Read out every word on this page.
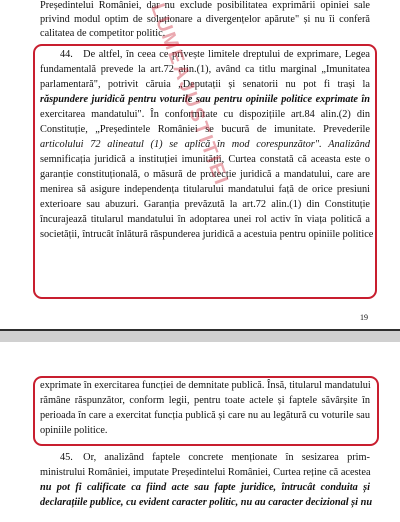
Președintelui României, dar nu exclude posibilitatea exprimării opiniei sale
privind modul optim de soluționare a divergențelor apărute" și nu îi conferă
calitatea de competitor politic.
44. De altfel, în ceea ce privește limitele dreptului de exprimare, Legea
fundamentală prevede la art.72 alin.(1), având ca titlu marginal „Imunitatea
parlamentară", potrivit căruia „Deputații și senatorii nu pot fi trași la
răspundere juridică pentru voturile sau pentru opiniile politice exprimate în
exercitarea mandatului". În conformitate cu dispozițiile art.84 alin.(2) din
Constituție, „Președintele României se bucură de imunitate. Prevederile
articolului 72 alineatul (1) se aplică în mod corespunzător". Analizând
semnificația juridică a instituției imunității, Curtea constată că aceasta este o
garanție constituțională, o măsură de protecție juridică a mandatului, care are
menirea să asigure independența titularului mandatului față de orice presiuni
exterioare sau abuzuri. Garanția prevăzută la art.72 alin.(1) din Constituție
încurajează titularul mandatului în adoptarea unei rol activ în viața politică a
societății, întrucât înlătură răspunderea juridică a acestuia pentru opiniile politice
LUMEAJUSTITIEI
19
exprimate în exercitarea funcției de demnitate publică. Însă, titularul mandatului
rămâne răspunzător, conform legii, pentru toate actele și faptele săvârșite în
perioada în care a exercitat funcția publică și care nu au legătură cu voturile sau
opiniile politice.
45. Or, analizând faptele concrete menționate în sesizarea prim-
ministrului României, imputate Președintelui României, Curtea reține că acestea
nu pot fi calificate ca fiind acte sau fapte juridice, întrucât conduita și
declarațiile publice, cu evident caracter politic, nu au caracter decizional și nu
